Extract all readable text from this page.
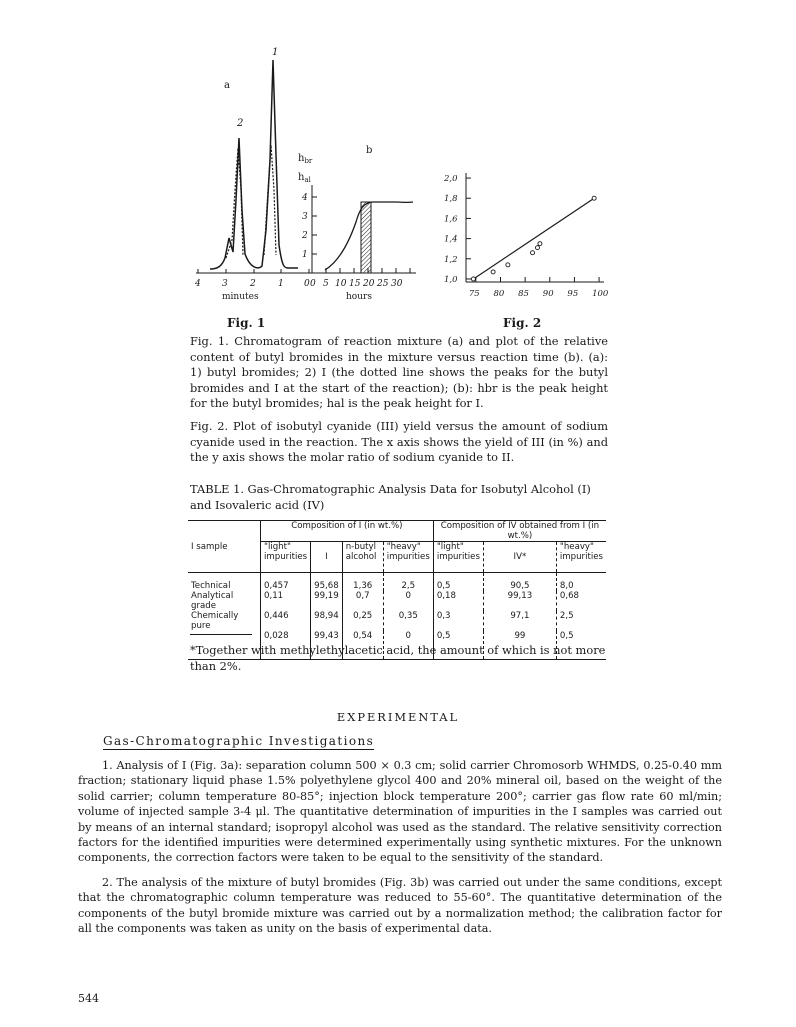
a
1
2
4 3 2 1 0
minutes
b
$h_{br}$
$h_{al}$
4
3
2
1
0 5 10 15 20 25 30
hours
2,0
1,8
1,6
1,4
1,2
1,0
75 80 85 90 95 100
Fig. 1	Fig. 2

Fig. 1. Chromatogram of reaction mixture (a) and plot of the relative content of butyl bromides in the mixture versus reaction time (b). (a): 1) butyl bromides; 2) I (the dotted line shows the peaks for the butyl bromides and I at the start of the reaction); (b): hbr is the peak height for the butyl bromides; hal is the peak height for I.

Fig. 2. Plot of isobutyl cyanide (III) yield versus the amount of sodium cyanide used in the reaction. The x axis shows the yield of III (in %) and the y axis shows the molar ratio of sodium cyanide to II.

TABLE 1. Gas-Chromatographic Analysis Data for Isobutyl Alcohol (I) and Isovaleric acid (IV)
I sample	Composition of I (in wt.%)				Composition of IV obtained from I (in wt.%)		
	"light" impurities	I	n-butyl alcohol	"heavy" impurities	"light" impurities	IV*	"heavy" impurities
Technical	0,457	95,68	1,36	2,5	0,5	90,5	8,0
Analytical grade	0,11	99,19	0,7	0	0,18	99,13	0,68
Chemically pure	0,446	98,94	0,25	0,35	0,3	97,1	2,5
	0,028	99,43	0,54	0	0,5	99	0,5
*Together with methylethylacetic acid, the amount of which is not more than 2%.
EXPERIMENTAL
Gas-Chromatographic Investigations

1. Analysis of I (Fig. 3a): separation column 500 × 0.3 cm; solid carrier Chromosorb WHMDS, 0.25-0.40 mm fraction; stationary liquid phase 1.5% polyethylene glycol 400 and 20% mineral oil, based on the weight of the solid carrier; column temperature 80-85°; injection block temperature 200°; carrier gas flow rate 60 ml/min; volume of injected sample 3-4 μl. The quantitative determination of impurities in the I samples was carried out by means of an internal standard; isopropyl alcohol was used as the standard. The relative sensitivity correction factors for the identified impurities were determined experimentally using synthetic mixtures. For the unknown components, the correction factors were taken to be equal to the sensitivity of the standard.

2. The analysis of the mixture of butyl bromides (Fig. 3b) was carried out under the same conditions, except that the chromatographic column temperature was reduced to 55-60°. The quantitative determination of the components of the butyl bromide mixture was carried out by a normalization method; the calibration factor for all the components was taken as unity on the basis of experimental data.

544
